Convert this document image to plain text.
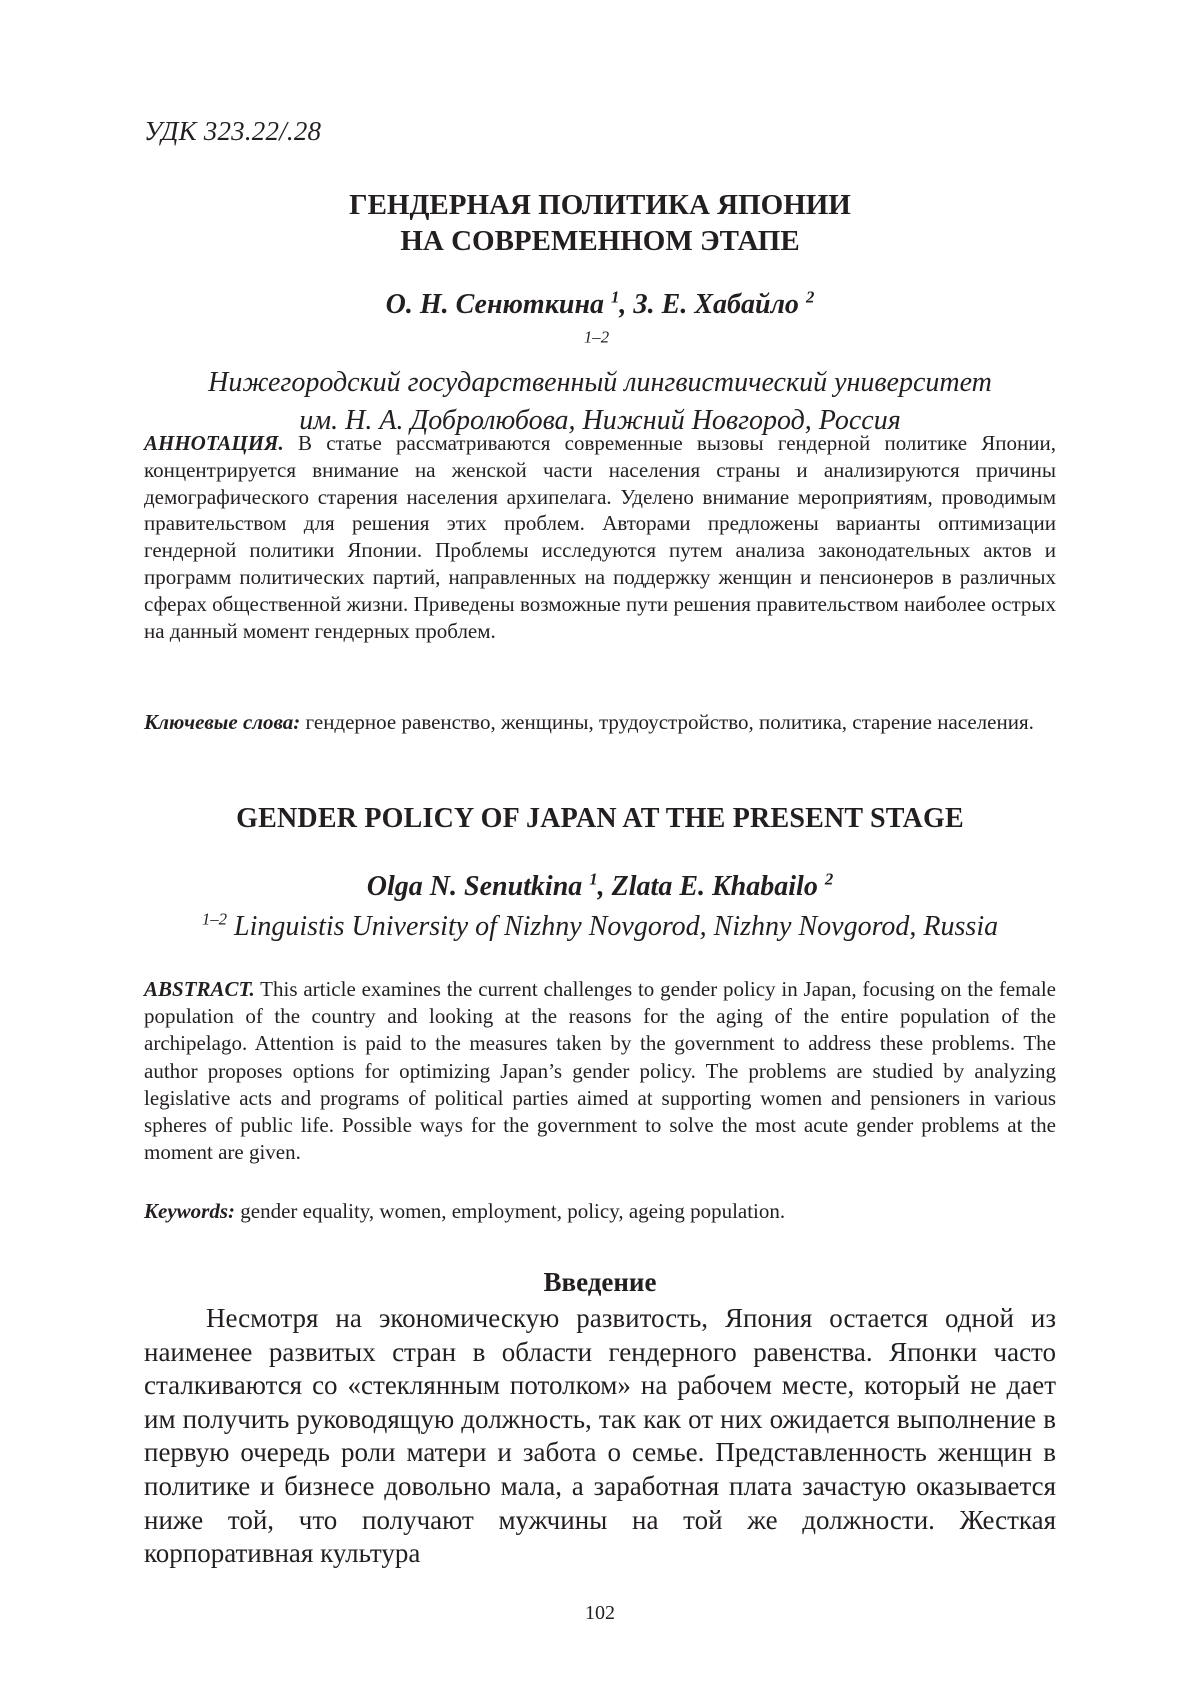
УДК 323.22/.28
ГЕНДЕРНАЯ ПОЛИТИКА ЯПОНИИ
НА СОВРЕМЕННОМ ЭТАПЕ
О. Н. Сенюткина 1, З. Е. Хабайло 2
1–2
Нижегородский государственный лингвистический университет
им. Н. А. Добролюбова, Нижний Новгород, Россия
АННОТАЦИЯ. В статье рассматриваются современные вызовы гендерной политике Японии, концентрируется внимание на женской части населения страны и анализиру­ются причины демографического старения населения архипелага. Уделено внимание мероприятиям, проводимым правительством для решения этих проблем. Авторами предложены варианты оптимизации гендерной политики Японии. Проблемы исследу­ются путем анализа законодательных актов и программ политических партий, направ­ленных на поддержку женщин и пенсионеров в различных сферах общественной жиз­ни. Приведены возможные пути решения правительством наиболее острых на данный момент гендерных проблем.
Ключевые слова: гендерное равенство, женщины, трудоустройство, политика, старение населения.
GENDER POLICY OF JAPAN AT THE PRESENT STAGE
Olga N. Senutkina 1, Zlata E. Khabailo 2
1–2 Linguistis University of Nizhny Novgorod, Nizhny Novgorod, Russia
ABSTRACT. This article examines the current challenges to gender policy in Japan, focusing on the female population of the country and looking at the reasons for the aging of the entire population of the archipelago. Attention is paid to the measures taken by the government to address these problems. The author proposes options for optimizing Japan’s gender policy. The problems are studied by analyzing legislative acts and programs of political parties aimed at supporting women and pensioners in various spheres of public life. Possible ways for the government to solve the most acute gender problems at the moment are given.
Keywords: gender equality, women, employment, policy, ageing population.
Введение
Несмотря на экономическую развитость, Япония остается одной из наименее развитых стран в области гендерного равенства. Японки часто сталкиваются со «стеклянным потолком» на рабочем месте, ко­торый не дает им получить руководящую должность, так как от них ожидается выполнение в первую очередь роли матери и забота о се­мье. Представленность женщин в политике и бизнесе довольно мала, а заработная плата зачастую оказывается ниже той, что получают мужчины на той же должности. Жесткая корпоративная культура
102
